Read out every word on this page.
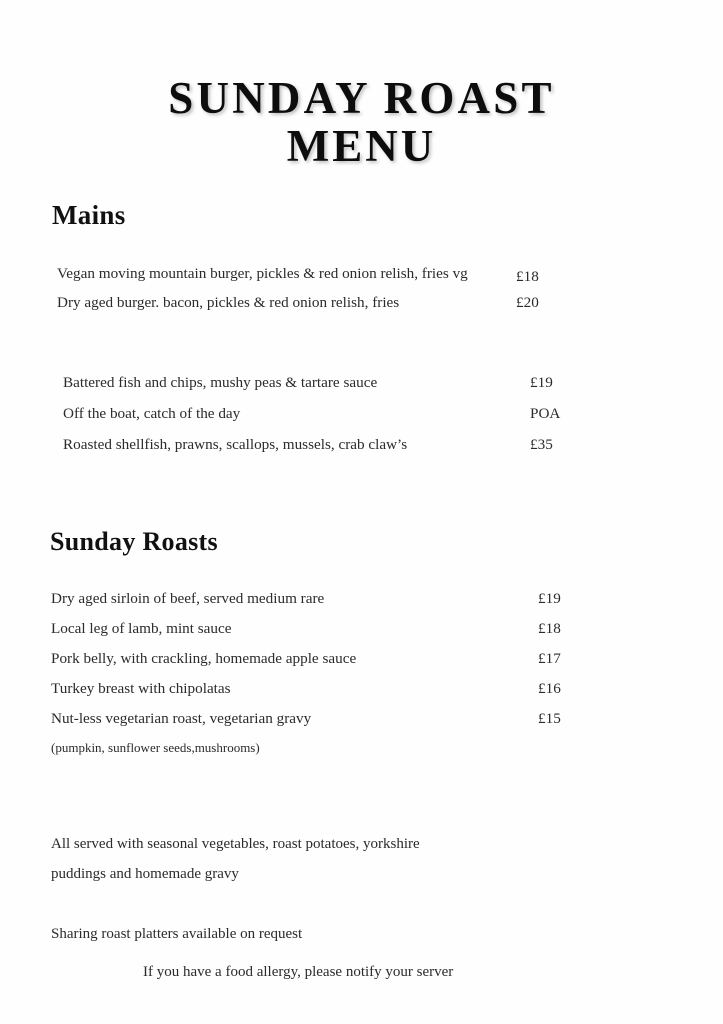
SUNDAY ROAST
MENU
Mains
Vegan moving mountain burger, pickles & red onion relish, fries vg	£18
Dry aged burger. bacon, pickles & red onion relish, fries	£20
Battered fish and chips, mushy peas & tartare sauce	£19
Off the boat, catch of the day	POA
Roasted shellfish, prawns, scallops, mussels, crab claw’s	£35
Sunday Roasts
Dry aged sirloin of beef, served medium rare	£19
Local leg of lamb, mint sauce	£18
Pork belly, with crackling, homemade apple sauce	£17
Turkey breast with chipolatas	£16
Nut-less vegetarian roast, vegetarian gravy	£15
(pumpkin, sunflower seeds,mushrooms)

All served with seasonal vegetables, roast potatoes, yorkshire
puddings and homemade gravy

Sharing roast platters available on request

If you have a food allergy, please notify your server
